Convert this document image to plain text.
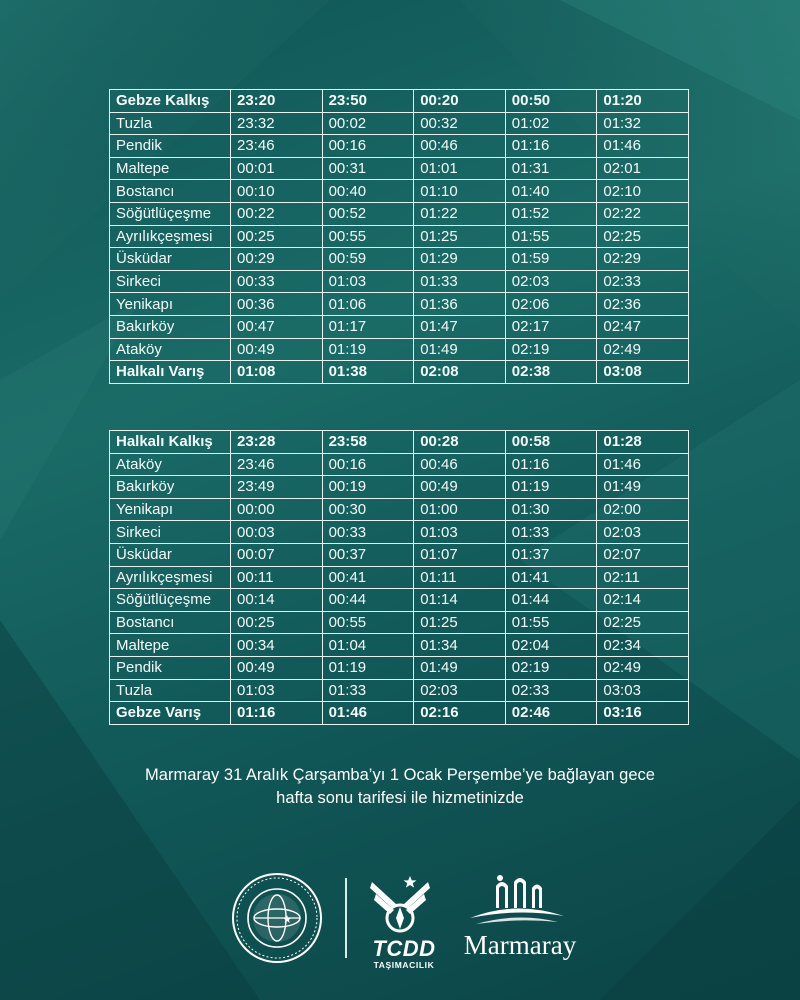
Gebze Kalkış	23:20	23:50	00:20	00:50	01:20
Tuzla	23:32	00:02	00:32	01:02	01:32
Pendik	23:46	00:16	00:46	01:16	01:46
Maltepe	00:01	00:31	01:01	01:31	02:01
Bostancı	00:10	00:40	01:10	01:40	02:10
Söğütlüçeşme	00:22	00:52	01:22	01:52	02:22
Ayrılıkçeşmesi	00:25	00:55	01:25	01:55	02:25
Üsküdar	00:29	00:59	01:29	01:59	02:29
Sirkeci	00:33	01:03	01:33	02:03	02:33
Yenikapı	00:36	01:06	01:36	02:06	02:36
Bakırköy	00:47	01:17	01:47	02:17	02:47
Ataköy	00:49	01:19	01:49	02:19	02:49
Halkalı Varış	01:08	01:38	02:08	02:38	03:08
Halkalı Kalkış	23:28	23:58	00:28	00:58	01:28
Ataköy	23:46	00:16	00:46	01:16	01:46
Bakırköy	23:49	00:19	00:49	01:19	01:49
Yenikapı	00:00	00:30	01:00	01:30	02:00
Sirkeci	00:03	00:33	01:03	01:33	02:03
Üsküdar	00:07	00:37	01:07	01:37	02:07
Ayrılıkçeşmesi	00:11	00:41	01:11	01:41	02:11
Söğütlüçeşme	00:14	00:44	01:14	01:44	02:14
Bostancı	00:25	00:55	01:25	01:55	02:25
Maltepe	00:34	01:04	01:34	02:04	02:34
Pendik	00:49	01:19	01:49	02:19	02:49
Tuzla	01:03	01:33	02:03	02:33	03:03
Gebze Varış	01:16	01:46	02:16	02:46	03:16
Marmaray 31 Aralık Çarşamba’yı 1 Ocak Perşembe’ye bağlayan gece
hafta sonu tarifesi ile hizmetinizde
TCDD
TAŞIMACILIK
Marmaray
